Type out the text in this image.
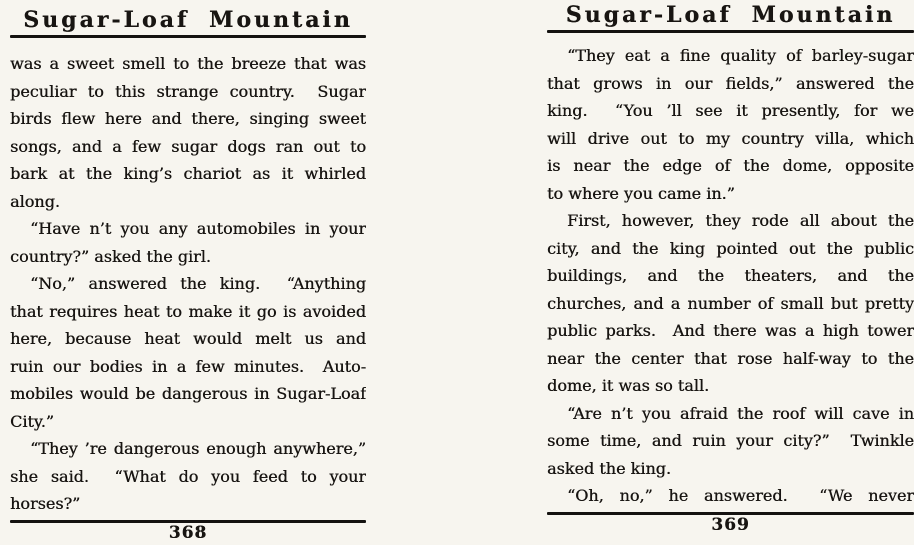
Sugar-Loaf Mountain
was a sweet smell to the breeze that was
peculiar to this strange country.  Sugar
birds flew here and there, singing sweet
songs, and a few sugar dogs ran out to
bark at the king’s chariot as it whirled
along.
“Have n’t you any automobiles in your
country?” asked the girl.
“No,” answered the king.  “Anything
that requires heat to make it go is avoided
here, because heat would melt us and
ruin our bodies in a few minutes.  Auto-
mobiles would be dangerous in Sugar-Loaf
City.”
“They ’re dangerous enough anywhere,”
she said.  “What do you feed to your
horses?”
368
Sugar-Loaf Mountain
“They eat a fine quality of barley-sugar
that grows in our fields,” answered the
king.  “You ’ll see it presently, for we
will drive out to my country villa, which
is near the edge of the dome, opposite
to where you came in.”
First, however, they rode all about the
city, and the king pointed out the public
buildings, and the theaters, and the
churches, and a number of small but pretty
public parks.  And there was a high tower
near the center that rose half-way to the
dome, it was so tall.
“Are n’t you afraid the roof will cave in
some time, and ruin your city?”  Twinkle
asked the king.
“Oh, no,” he answered.  “We never
369
